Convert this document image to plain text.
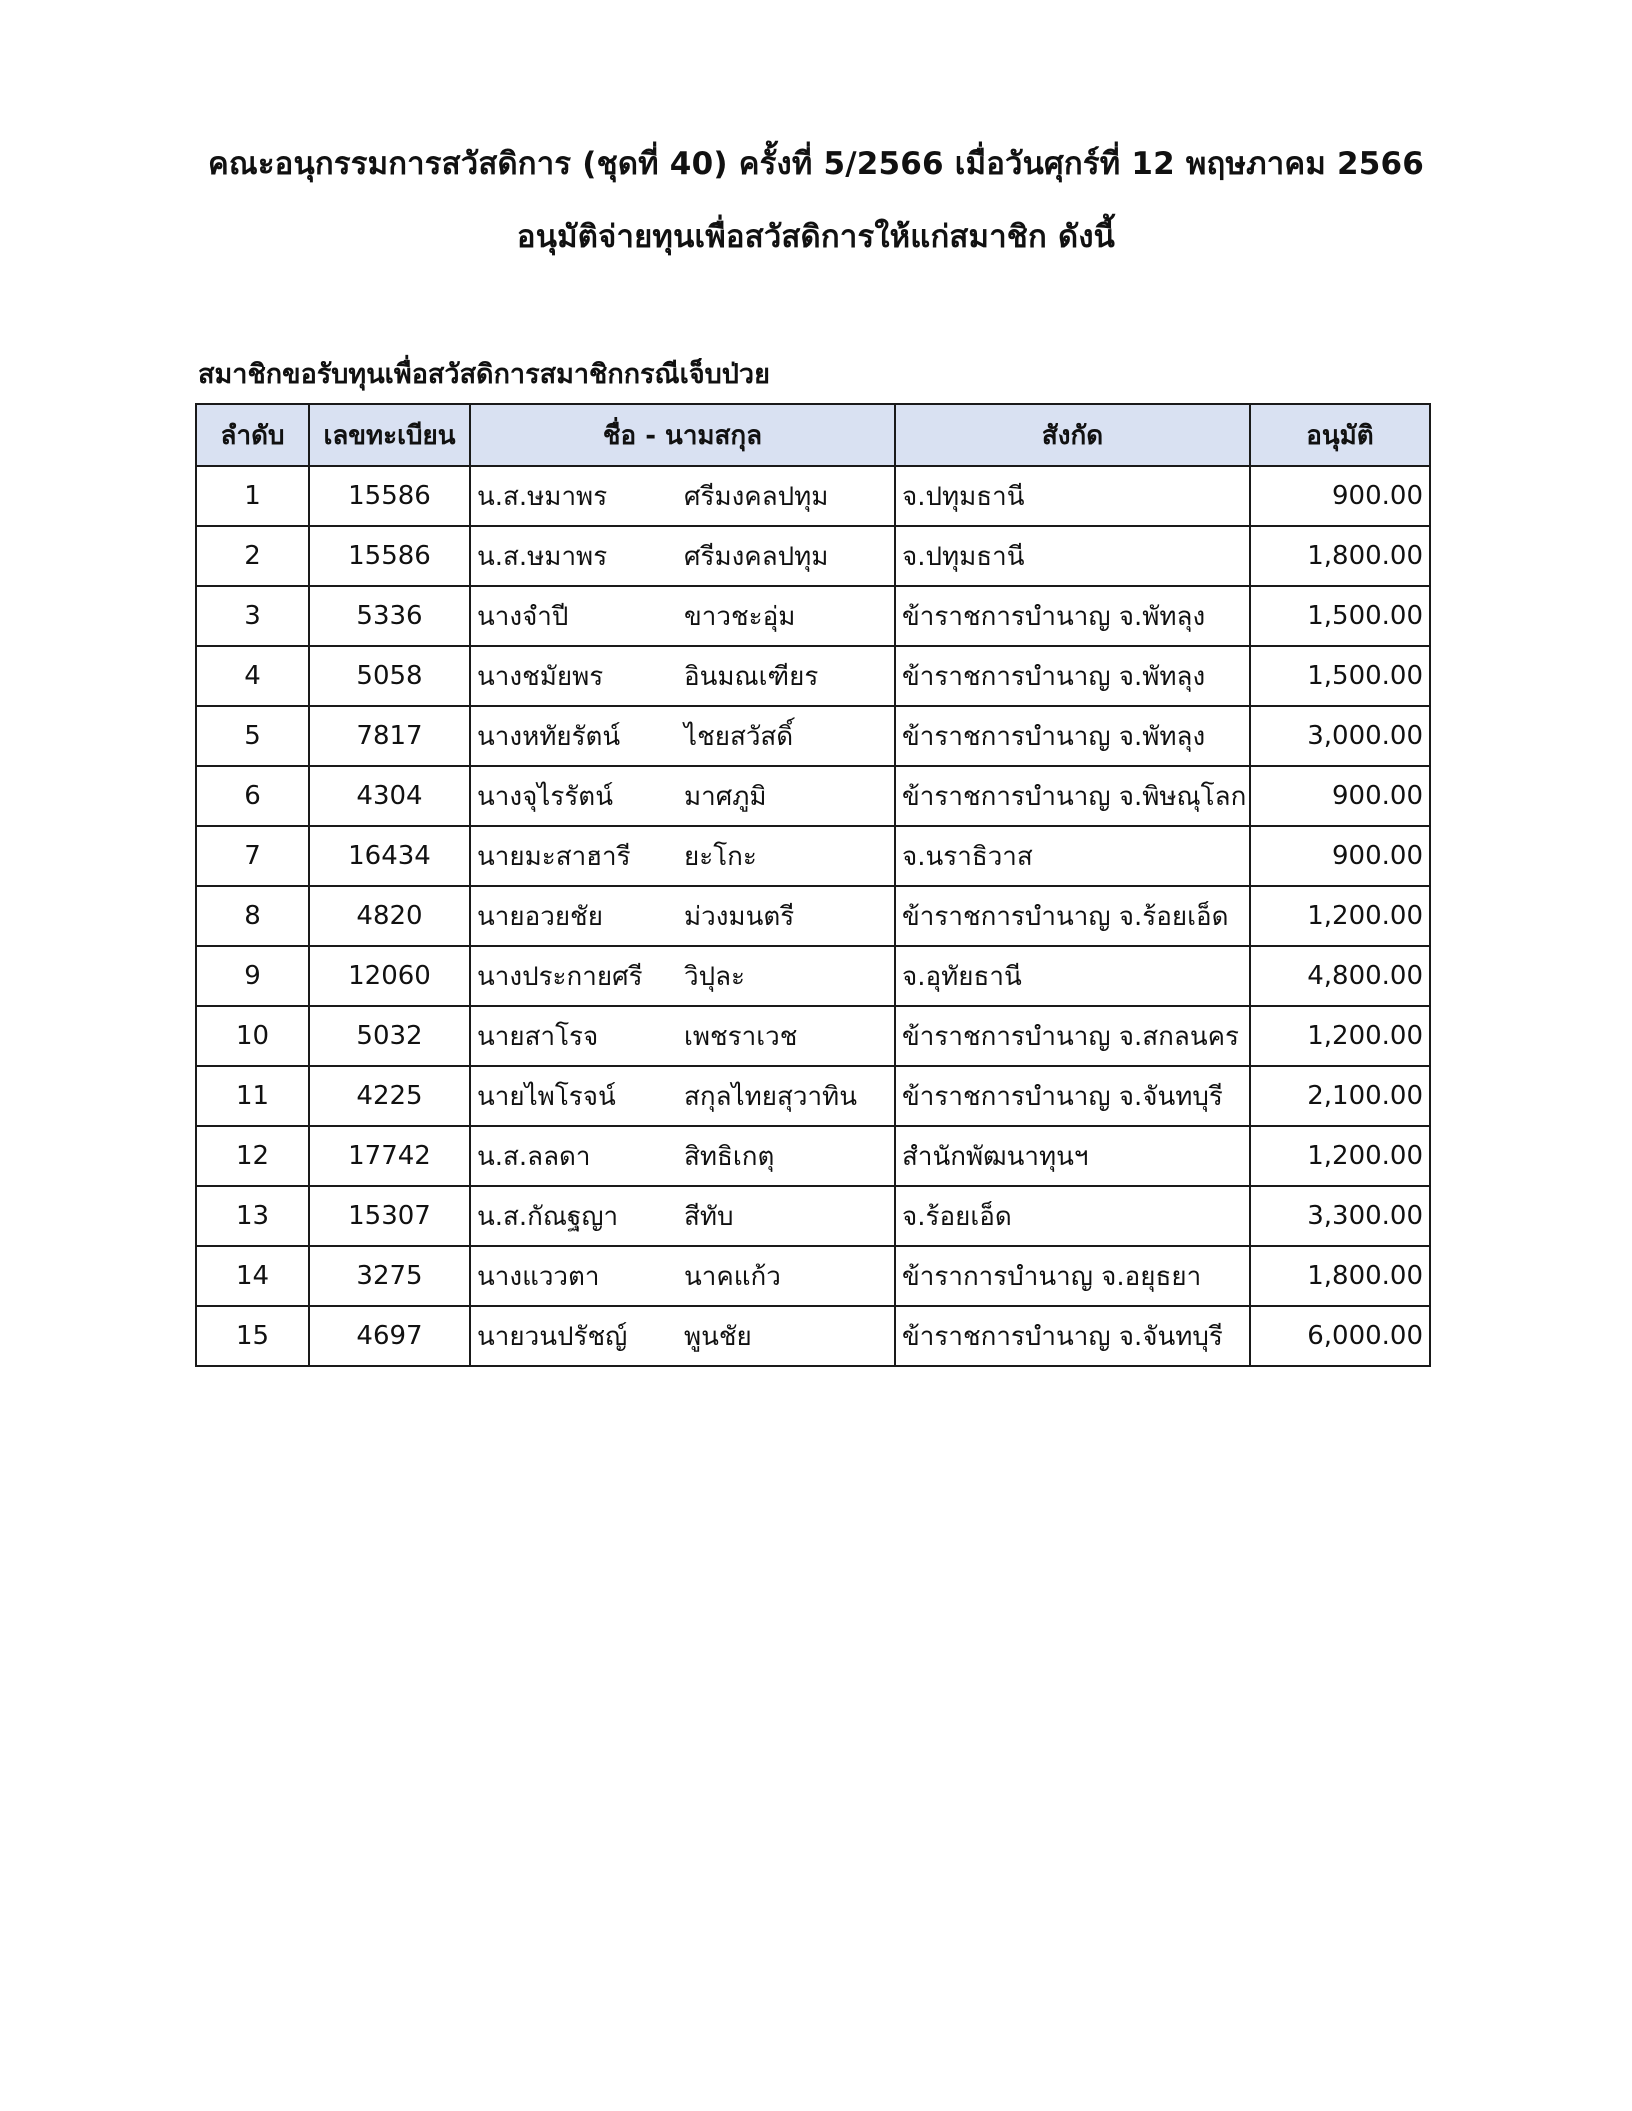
คณะอนุกรรมการสวัสดิการ (ชุดที่ 40) ครั้งที่ 5/2566 เมื่อวันศุกร์ที่ 12 พฤษภาคม 2566
อนุมัติจ่ายทุนเพื่อสวัสดิการให้แก่สมาชิก ดังนี้
สมาชิกขอรับทุนเพื่อสวัสดิการสมาชิกกรณีเจ็บป่วย
ลำดับ	เลขทะเบียน	ชื่อ - นามสกุล	สังกัด	อนุมัติ
1	15586	น.ส.ษมาพร ศรีมงคลปทุม	จ.ปทุมธานี	900.00
2	15586	น.ส.ษมาพร ศรีมงคลปทุม	จ.ปทุมธานี	1,800.00
3	5336	นางจำปี ขาวชะอุ่ม	ข้าราชการบำนาญ จ.พัทลุง	1,500.00
4	5058	นางชมัยพร อินมณเฑียร	ข้าราชการบำนาญ จ.พัทลุง	1,500.00
5	7817	นางหทัยรัตน์ ไชยสวัสดิ์	ข้าราชการบำนาญ จ.พัทลุง	3,000.00
6	4304	นางจุไรรัตน์ มาศภูมิ	ข้าราชการบำนาญ จ.พิษณุโลก	900.00
7	16434	นายมะสาฮารี ยะโกะ	จ.นราธิวาส	900.00
8	4820	นายอวยชัย ม่วงมนตรี	ข้าราชการบำนาญ จ.ร้อยเอ็ด	1,200.00
9	12060	นางประกายศรี วิปุละ	จ.อุทัยธานี	4,800.00
10	5032	นายสาโรจ เพชราเวช	ข้าราชการบำนาญ จ.สกลนคร	1,200.00
11	4225	นายไพโรจน์ สกุลไทยสุวาทิน	ข้าราชการบำนาญ จ.จันทบุรี	2,100.00
12	17742	น.ส.ลลดา สิทธิเกตุ	สำนักพัฒนาทุนฯ	1,200.00
13	15307	น.ส.กัณฐญา สีทับ	จ.ร้อยเอ็ด	3,300.00
14	3275	นางแววตา นาคแก้ว	ข้าราการบำนาญ จ.อยุธยา	1,800.00
15	4697	นายวนปรัชญ์ พูนชัย	ข้าราชการบำนาญ จ.จันทบุรี	6,000.00
